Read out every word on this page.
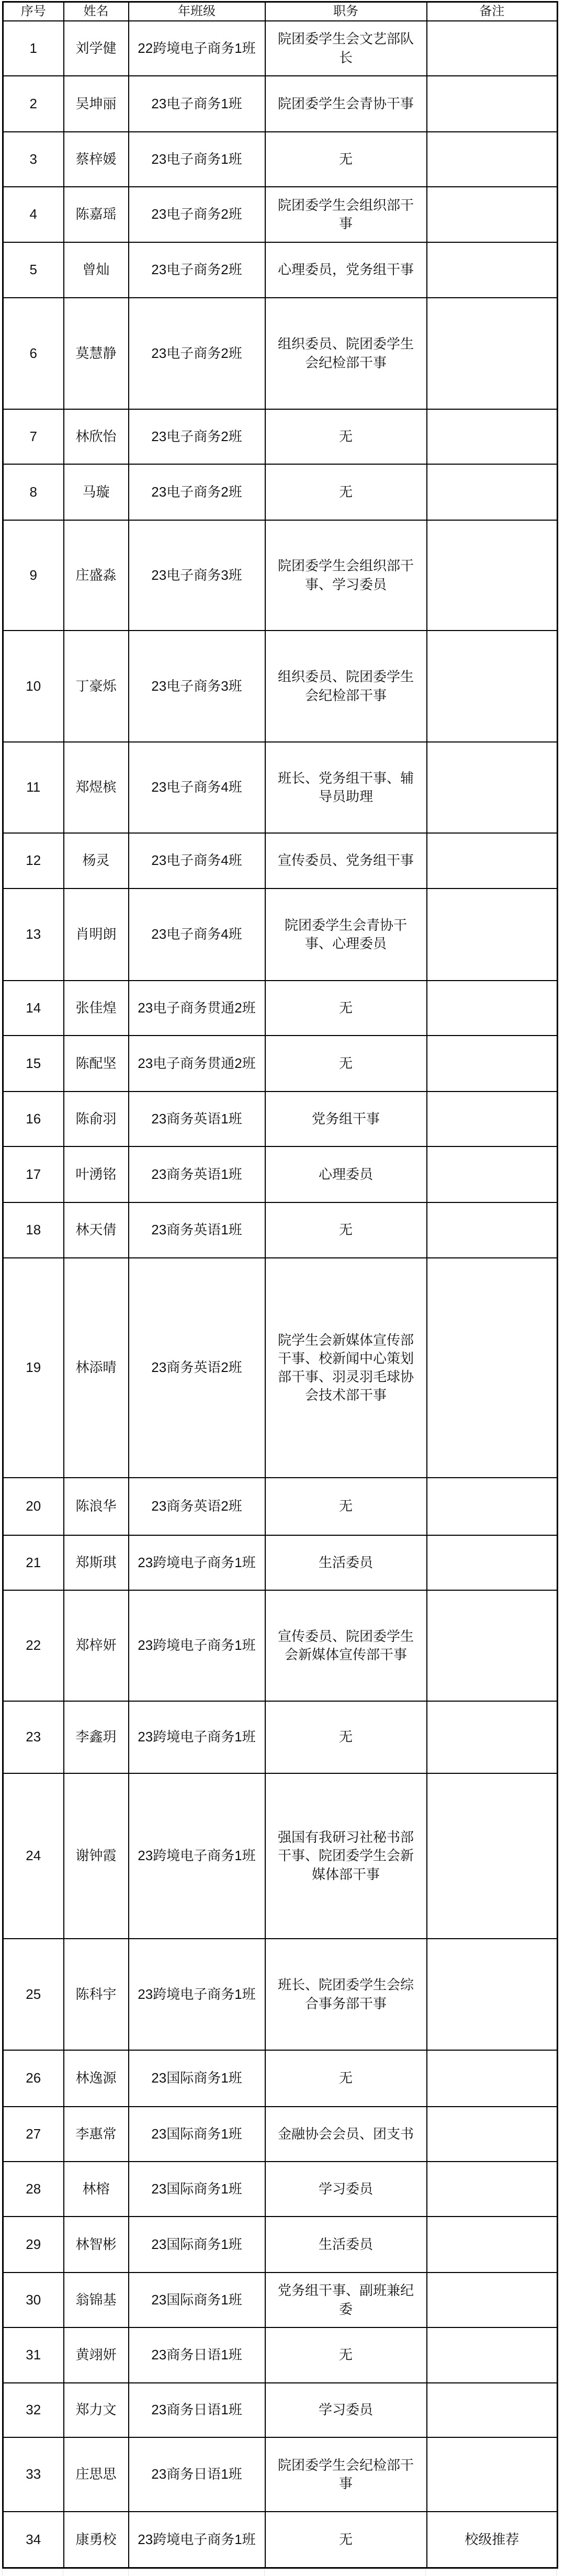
序号	姓名	年班级	职务	备注
1	刘学健	22跨境电子商务1班	院团委学生会文艺部队长	
2	吴坤丽	23电子商务1班	院团委学生会青协干事	
3	蔡梓媛	23电子商务1班	无	
4	陈嘉瑶	23电子商务2班	院团委学生会组织部干事	
5	曾灿	23电子商务2班	心理委员，党务组干事	
6	莫慧静	23电子商务2班	组织委员、院团委学生会纪检部干事	
7	林欣怡	23电子商务2班	无	
8	马璇	23电子商务2班	无	
9	庄盛淼	23电子商务3班	院团委学生会组织部干事、学习委员	
10	丁豪烁	23电子商务3班	组织委员、院团委学生会纪检部干事	
11	郑煜槟	23电子商务4班	班长、党务组干事、辅导员助理	
12	杨灵	23电子商务4班	宣传委员、党务组干事	
13	肖明朗	23电子商务4班	院团委学生会青协干事、心理委员	
14	张佳煌	23电子商务贯通2班	无	
15	陈配坚	23电子商务贯通2班	无	
16	陈俞羽	23商务英语1班	党务组干事	
17	叶湧铭	23商务英语1班	心理委员	
18	林天倩	23商务英语1班	无	
19	林添晴	23商务英语2班	院学生会新媒体宣传部干事、校新闻中心策划部干事、羽灵羽毛球协会技术部干事	
20	陈浪华	23商务英语2班	无	
21	郑斯琪	23跨境电子商务1班	生活委员	
22	郑梓妍	23跨境电子商务1班	宣传委员、院团委学生会新媒体宣传部干事	
23	李鑫玥	23跨境电子商务1班	无	
24	谢钟霞	23跨境电子商务1班	强国有我研习社秘书部干事、院团委学生会新媒体部干事	
25	陈科宇	23跨境电子商务1班	班长、院团委学生会综合事务部干事	
26	林逸源	23国际商务1班	无	
27	李惠常	23国际商务1班	金融协会会员、团支书	
28	林榕	23国际商务1班	学习委员	
29	林智彬	23国际商务1班	生活委员	
30	翁锦基	23国际商务1班	党务组干事、副班兼纪委	
31	黄翊妍	23商务日语1班	无	
32	郑力文	23商务日语1班	学习委员	
33	庄思思	23商务日语1班	院团委学生会纪检部干事	
34	康勇校	23跨境电子商务1班	无	校级推荐
